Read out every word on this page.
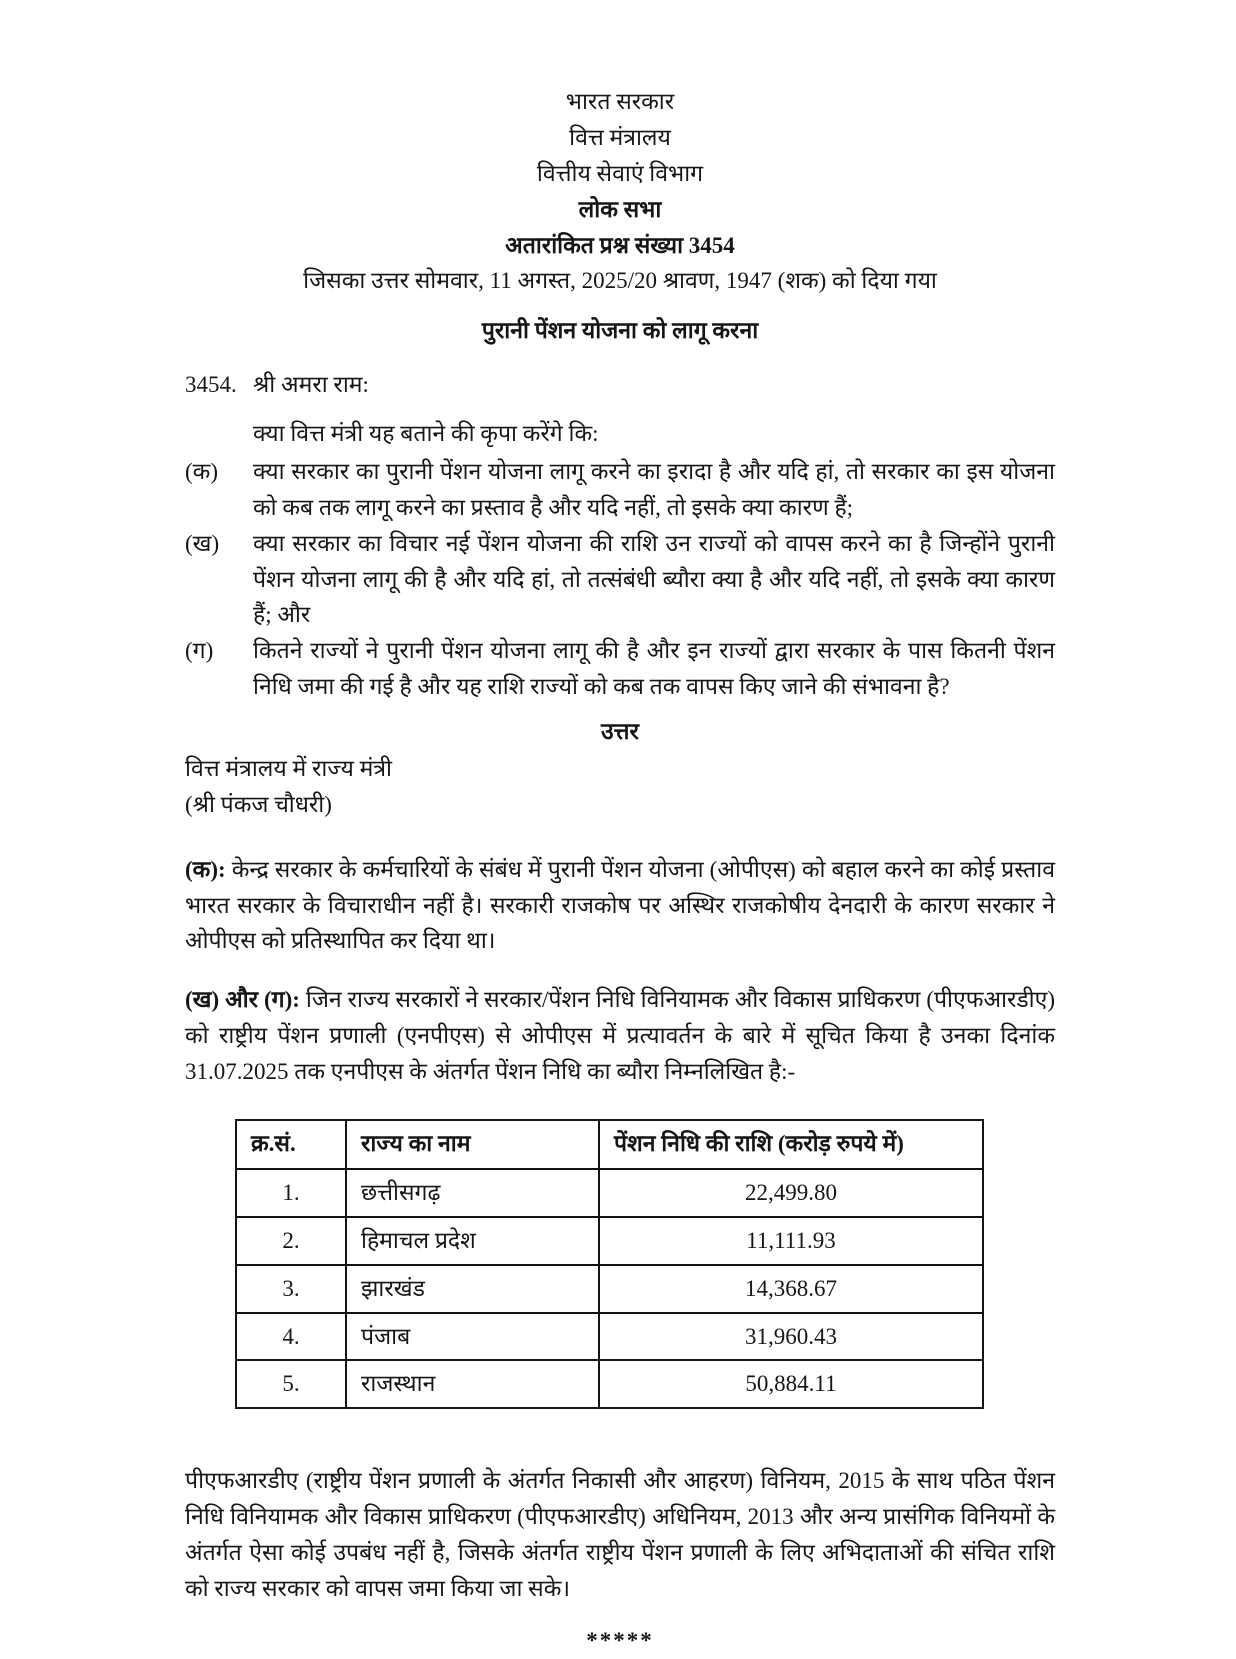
भारत सरकार
वित्त मंत्रालय
वित्तीय सेवाएं विभाग
लोक सभा
अतारांकित प्रश्न संख्या 3454
जिसका उत्तर सोमवार, 11 अगस्त, 2025/20 श्रावण, 1947 (शक) को दिया गया
पुरानी पेंशन योजना को लागू करना
3454. श्री अमरा राम:
क्या वित्त मंत्री यह बताने की कृपा करेंगे कि:
(क)	क्या सरकार का पुरानी पेंशन योजना लागू करने का इरादा है और यदि हां, तो सरकार का इस योजना को कब तक लागू करने का प्रस्ताव है और यदि नहीं, तो इसके क्या कारण हैं;
(ख)	क्या सरकार का विचार नई पेंशन योजना की राशि उन राज्यों को वापस करने का है जिन्होंने पुरानी पेंशन योजना लागू की है और यदि हां, तो तत्संबंधी ब्यौरा क्या है और यदि नहीं, तो इसके क्या कारण हैं; और
(ग)	कितने राज्यों ने पुरानी पेंशन योजना लागू की है और इन राज्यों द्वारा सरकार के पास कितनी पेंशन निधि जमा की गई है और यह राशि राज्यों को कब तक वापस किए जाने की संभावना है?
उत्तर
वित्त मंत्रालय में राज्य मंत्री
(श्री पंकज चौधरी)

(क): केन्द्र सरकार के कर्मचारियों के संबंध में पुरानी पेंशन योजना (ओपीएस) को बहाल करने का कोई प्रस्ताव भारत सरकार के विचाराधीन नहीं है। सरकारी राजकोष पर अस्थिर राजकोषीय देनदारी के कारण सरकार ने ओपीएस को प्रतिस्थापित कर दिया था।

(ख) और (ग): जिन राज्य सरकारों ने सरकार/पेंशन निधि विनियामक और विकास प्राधिकरण (पीएफआरडीए) को राष्ट्रीय पेंशन प्रणाली (एनपीएस) से ओपीएस में प्रत्यावर्तन के बारे में सूचित किया है उनका दिनांक 31.07.2025 तक एनपीएस के अंतर्गत पेंशन निधि का ब्यौरा निम्नलिखित है:-

क्र.सं.	राज्य का नाम	पेंशन निधि की राशि (करोड़ रुपये में)
1.	छत्तीसगढ़	22,499.80
2.	हिमाचल प्रदेश	11,111.93
3.	झारखंड	14,368.67
4.	पंजाब	31,960.43
5.	राजस्थान	50,884.11

पीएफआरडीए (राष्ट्रीय पेंशन प्रणाली के अंतर्गत निकासी और आहरण) विनियम, 2015 के साथ पठित पेंशन निधि विनियामक और विकास प्राधिकरण (पीएफआरडीए) अधिनियम, 2013 और अन्य प्रासंगिक विनियमों के अंतर्गत ऐसा कोई उपबंध नहीं है, जिसके अंतर्गत राष्ट्रीय पेंशन प्रणाली के लिए अभिदाताओं की संचित राशि को राज्य सरकार को वापस जमा किया जा सके।

*****
